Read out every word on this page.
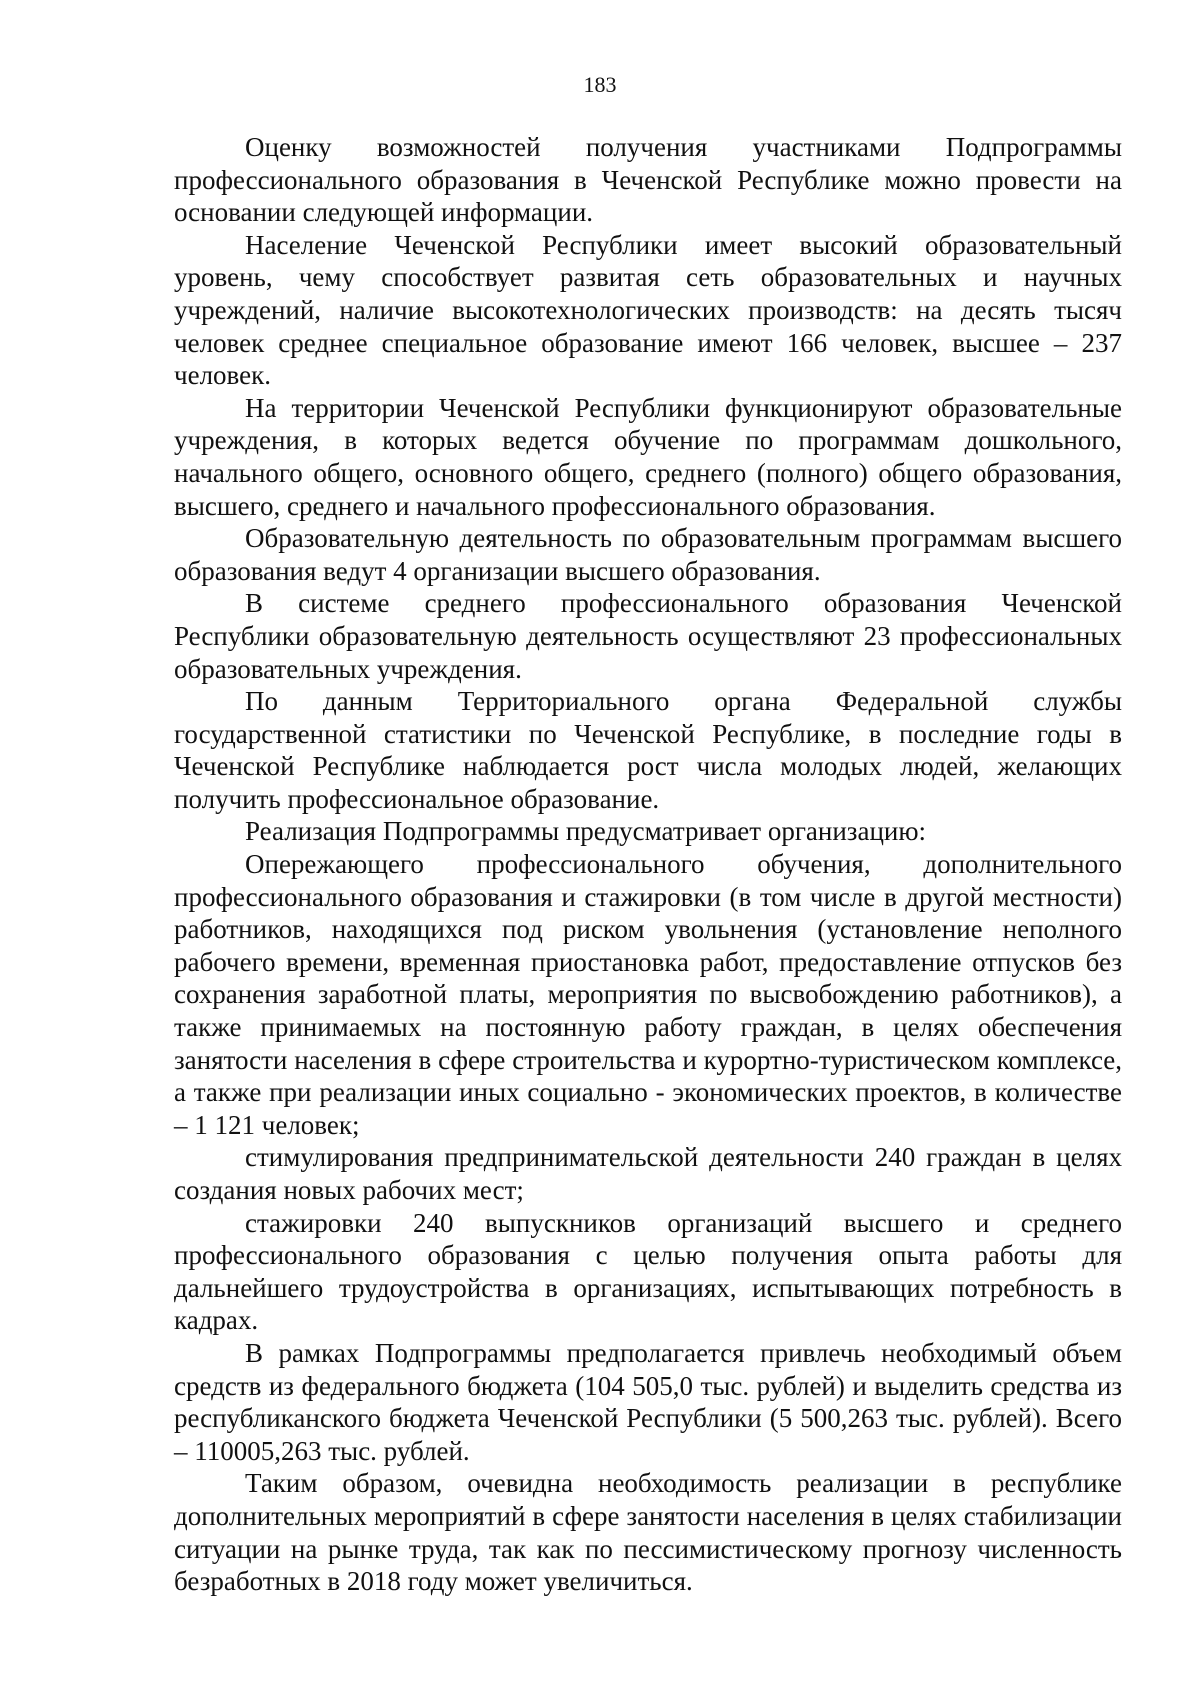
183

Оценку возможностей получения участниками Подпрограммы профессионального образования в Чеченской Республике можно провести на основании следующей информации.

Население Чеченской Республики имеет высокий образовательный уровень, чему способствует развитая сеть образовательных и научных учреждений, наличие высокотехнологических производств: на десять тысяч человек среднее специальное образование имеют 166 человек, высшее – 237 человек.

На территории Чеченской Республики функционируют образовательные учреждения, в которых ведется обучение по программам дошкольного, начального общего, основного общего, среднего (полного) общего образования, высшего, среднего и начального профессионального образования.

Образовательную деятельность по образовательным программам высшего образования ведут 4 организации высшего образования.

В системе среднего профессионального образования Чеченской Республики образовательную деятельность осуществляют 23 профессиональных образовательных учреждения.

По данным Территориального органа Федеральной службы государственной статистики по Чеченской Республике, в последние годы в Чеченской Республике наблюдается рост числа молодых людей, желающих получить профессиональное образование.

Реализация Подпрограммы предусматривает организацию:

Опережающего профессионального обучения, дополнительного профессионального образования и стажировки (в том числе в другой местности) работников, находящихся под риском увольнения (установление неполного рабочего времени, временная приостановка работ, предоставление отпусков без сохранения заработной платы, мероприятия по высвобождению работников), а также принимаемых на постоянную работу граждан, в целях обеспечения занятости населения в сфере строительства и курортно-туристическом комплексе, а также при реализации иных социально - экономических проектов, в количестве – 1 121 человек;

стимулирования предпринимательской деятельности 240 граждан в целях создания новых рабочих мест;

стажировки 240 выпускников организаций высшего и среднего профессионального образования с целью получения опыта работы для дальнейшего трудоустройства в организациях, испытывающих потребность в кадрах.

В рамках Подпрограммы предполагается привлечь необходимый объем средств из федерального бюджета (104 505,0 тыс. рублей) и выделить средства из республиканского бюджета Чеченской Республики (5 500,263 тыс. рублей). Всего – 110005,263 тыс. рублей.

Таким образом, очевидна необходимость реализации в республике дополнительных мероприятий в сфере занятости населения в целях стабилизации ситуации на рынке труда, так как по пессимистическому прогнозу численность безработных в 2018 году может увеличиться.
